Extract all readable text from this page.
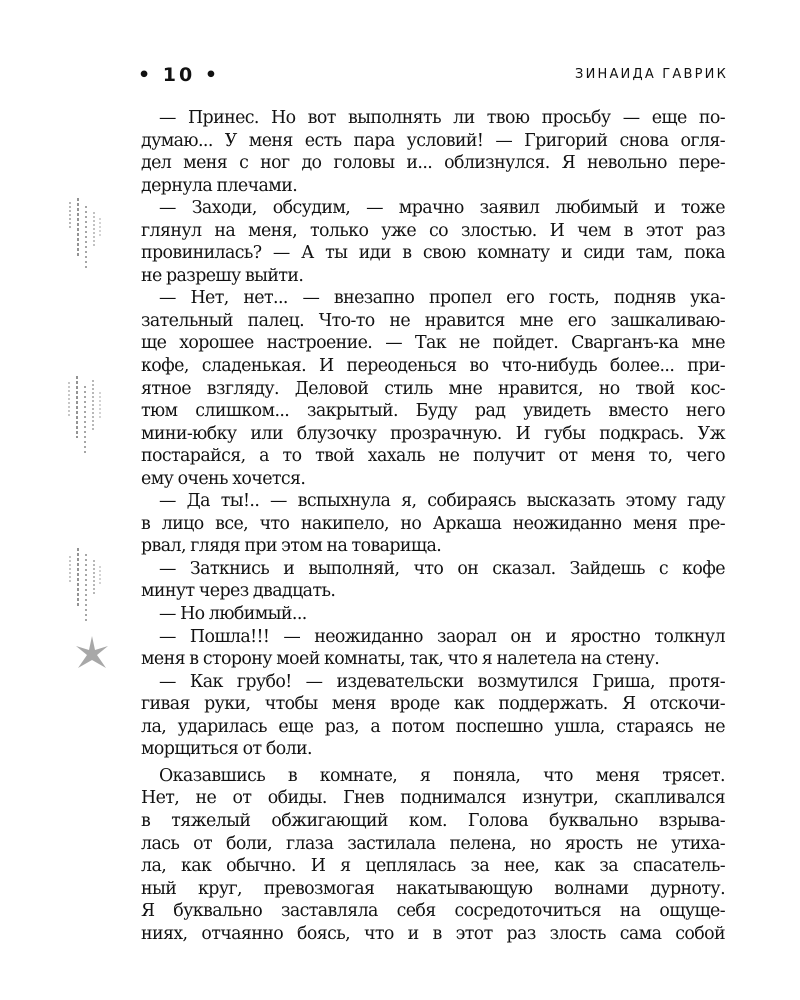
• 10 •	ЗИНАИДА ГАВРИК
— Принес. Но вот выполнять ли твою просьбу — еще по-
думаю... У меня есть пара условий! — Григорий снова огля-
дел меня с ног до головы и... облизнулся. Я невольно пере-
дернула плечами.
— Заходи, обсудим, — мрачно заявил любимый и тоже
глянул на меня, только уже со злостью. И чем в этот раз
провинилась? — А ты иди в свою комнату и сиди там, пока
не разрешу выйти.
— Нет, нет... — внезапно пропел его гость, подняв ука-
зательный палец. Что-то не нравится мне его зашкаливаю-
ще хорошее настроение. — Так не пойдет. Сварганъ-ка мне
кофе, сладенькая. И переоденься во что-нибудь более... при-
ятное взгляду. Деловой стиль мне нравится, но твой кос-
тюм слишком... закрытый. Буду рад увидеть вместо него
мини-юбку или блузочку прозрачную. И губы подкрась. Уж
постарайся, а то твой хахаль не получит от меня то, чего
ему очень хочется.
— Да ты!.. — вспыхнула я, собираясь высказать этому гаду
в лицо все, что накипело, но Аркаша неожиданно меня пре-
рвал, глядя при этом на товарища.
— Заткнись и выполняй, что он сказал. Зайдешь с кофе
минут через двадцать.
— Но любимый...
— Пошла!!! — неожиданно заорал он и яростно толкнул
меня в сторону моей комнаты, так, что я налетела на стену.
— Как грубо! — издевательски возмутился Гриша, протя-
гивая руки, чтобы меня вроде как поддержать. Я отскочи-
ла, ударилась еще раз, а потом поспешно ушла, стараясь не
морщиться от боли.
Оказавшись в комнате, я поняла, что меня трясет.
Нет, не от обиды. Гнев поднимался изнутри, скапливался
в тяжелый обжигающий ком. Голова буквально взрыва-
лась от боли, глаза застилала пелена, но ярость не утиха-
ла, как обычно. И я цеплялась за нее, как за спасатель-
ный круг, превозмогая накатывающую волнами дурноту.
Я буквально заставляла себя сосредоточиться на ощуще-
ниях, отчаянно боясь, что и в этот раз злость сама собой
